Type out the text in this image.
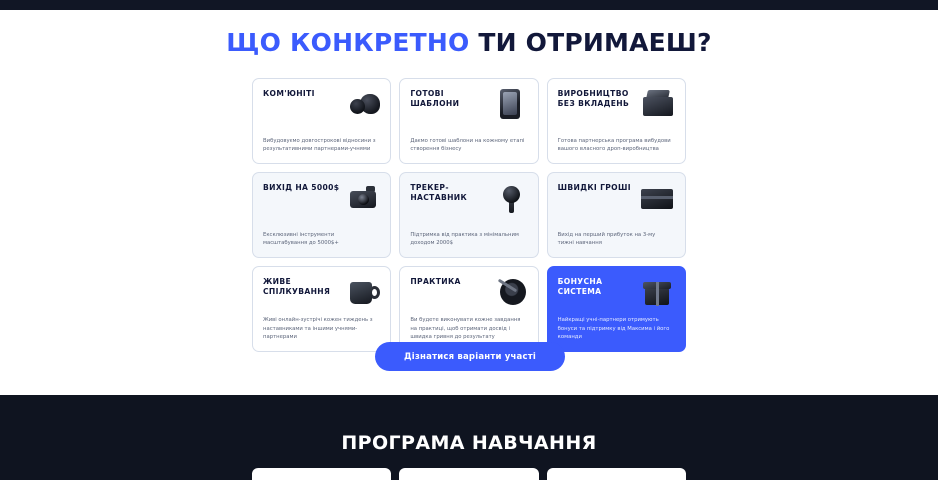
ЩО КОНКРЕТНО ТИ ОТРИМАЕШ?
КОМ'ЮНІТІ
Вибудовуємо довгострокові відносини з результативними партнерами-учнями
ГОТОВІ ШАБЛОНИ
Даємо готові шаблони на кожному етапі створення бізнесу
ВИРОБНИЦТВО БЕЗ ВКЛАДЕНЬ
Готова партнерська програма вибудови вашого власного дроп-виробництва
ВИХІД НА 5000$
Ексклюзивні інструменти масштабування до 5000$+
ТРЕКЕР-НАСТАВНИК
Підтримка від практика з мінімальним доходом 2000$
ШВИДКІ ГРОШІ
Вихід на перший прибуток на 3-му тижні навчання
ЖИВЕ СПІЛКУВАННЯ
Живі онлайн-зустрічі кожен тиждень з наставниками та іншими учнями-партнерами
ПРАКТИКА
Ви будете виконувати кожне завдання на практиці, щоб отримати досвід і швидка гривня до результату
БОНУСНА СИСТЕМА
Найкращі учні-партнери отримують бонуси та підтримку від Максима і його команди
Дізнатися варіанти участі
ПРОГРАМА НАВЧАННЯ
